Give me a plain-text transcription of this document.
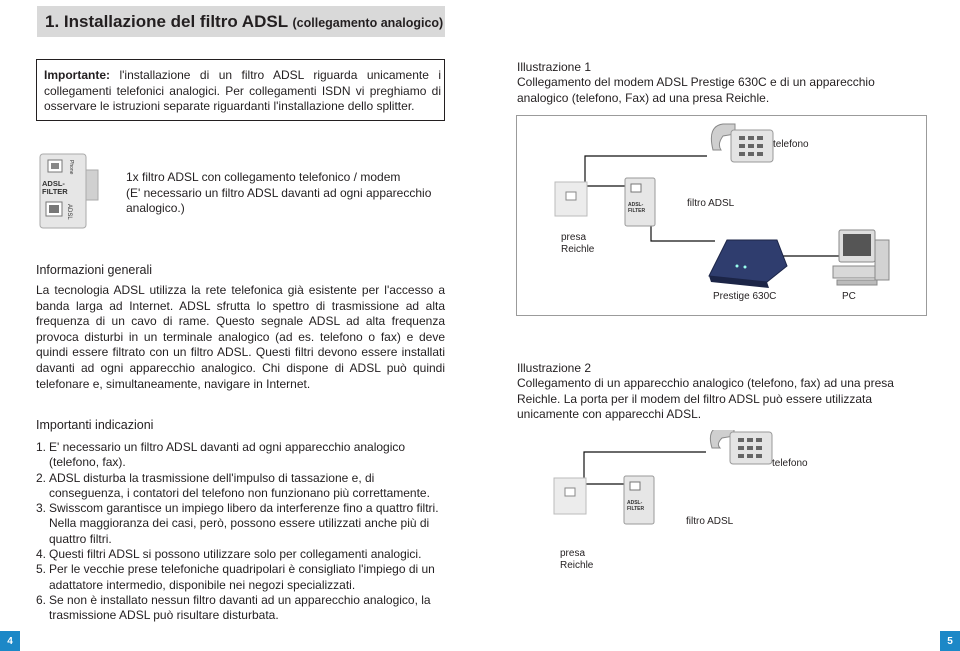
1. Installazione del filtro ADSL (collegamento analogico)
Importante: l'installazione di un filtro ADSL riguarda unicamente i collegamenti telefonici analogici. Per collegamenti ISDN vi preghiamo di osservare le istruzioni separate riguardanti l'installazione dello splitter.
ADSL-
FILTER
ADSL
Phone
1x filtro ADSL con collegamento telefonico / modem
(E' necessario un filtro ADSL davanti ad ogni apparecchio analogico.)
Informazioni generali
La tecnologia ADSL utilizza la rete telefonica già esistente per l'accesso a banda larga ad Internet. ADSL sfrutta lo spettro di trasmissione ad alta frequenza di un cavo di rame. Questo segnale ADSL ad alta frequenza provoca disturbi in un terminale analogico (ad es. telefono o fax) e deve quindi essere filtrato con un filtro ADSL. Questi filtri devono essere installati davanti ad ogni apparecchio analogico. Chi dispone di ADSL può quindi telefonare e, simultaneamente, navigare in Internet.
Importanti indicazioni
1. E' necessario un filtro ADSL davanti ad ogni apparecchio analogico (telefono, fax).
2. ADSL disturba la trasmissione dell'impulso di tassazione e, di conseguenza, i contatori del telefono non funzionano più correttamente.
3. Swisscom garantisce un impiego libero da interferenze fino a quattro filtri. Nella maggioranza dei casi, però, possono essere utilizzati anche più di quattro filtri.
4. Questi filtri ADSL si possono utilizzare solo per collegamenti analogici.
5. Per le vecchie prese telefoniche quadripolari è consigliato l'impiego di un adattatore intermedio, disponibile nei negozi specializzati.
6. Se non è installato nessun filtro davanti ad un apparecchio analogico, la trasmissione ADSL può risultare disturbata.
Illustrazione 1
Collegamento del modem ADSL Prestige 630C e di un apparecchio analogico (telefono, Fax) ad una presa Reichle.
ADSL-
FILTER
telefono
filtro ADSL
presa
Reichle
Prestige 630C	PC
Illustrazione 2
Collegamento di un apparecchio analogico (telefono, fax) ad una presa Reichle. La porta per il modem del filtro ADSL può essere utilizzata unicamente con apparecchi ADSL.
ADSL-
FILTER
telefono
filtro ADSL
presa
Reichle
4	5
